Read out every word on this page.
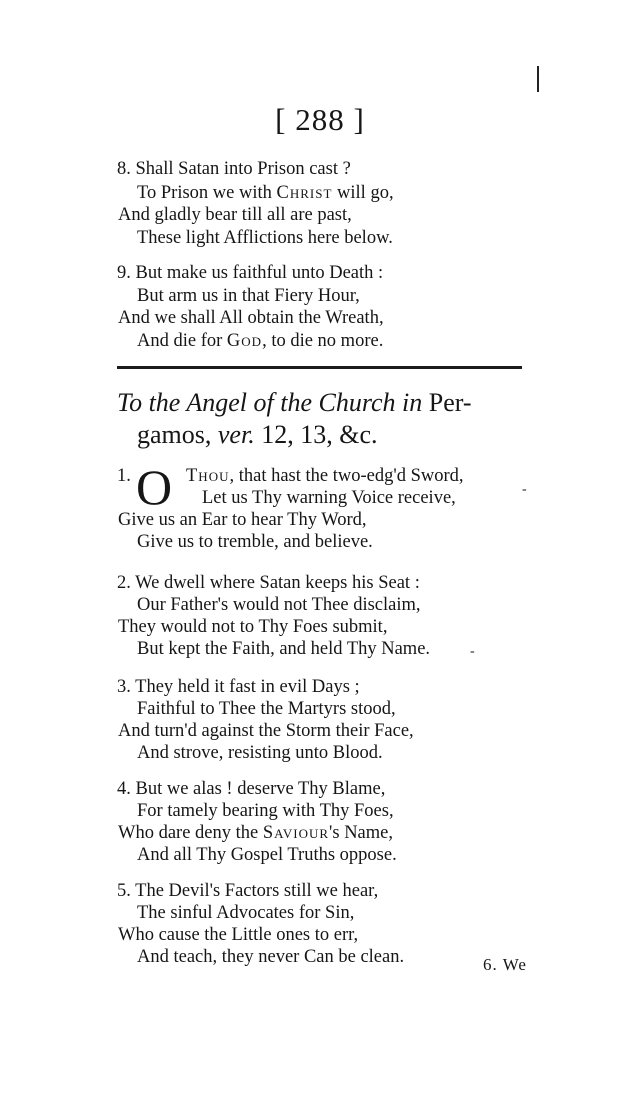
[ 288 ]
8. Shall Satan into Prison cast ?
To Prison we with Christ will go,
And gladly bear till all are past,
These light Afflictions here below.
9. But make us faithful unto Death :
But arm us in that Fiery Hour,
And we shall All obtain the Wreath,
And die for God, to die no more.
To the Angel of the Church in Per-
gamos, ver. 12, 13, &c.
1. O Thou, that hast the two-edg'd Sword,
Let us Thy warning Voice receive,
Give us an Ear to hear Thy Word,
Give us to tremble, and believe.
-
2. We dwell where Satan keeps his Seat :
Our Father's would not Thee disclaim,
They would not to Thy Foes submit,
But kept the Faith, and held Thy Name.	-
3. They held it fast in evil Days ;
Faithful to Thee the Martyrs stood,
And turn'd against the Storm their Face,
And strove, resisting unto Blood.
4. But we alas ! deserve Thy Blame,
For tamely bearing with Thy Foes,
Who dare deny the Saviour's Name,
And all Thy Gospel Truths oppose.
5. The Devil's Factors still we hear,
The sinful Advocates for Sin,
Who cause the Little ones to err,
And teach, they never Can be clean.	6. We
